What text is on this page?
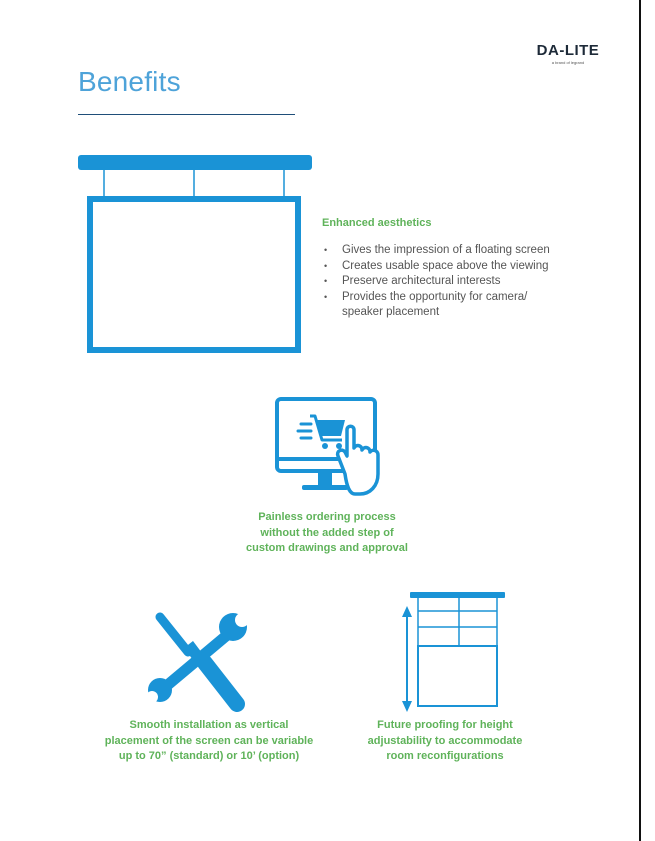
DA-LITE
a brand of legrand
Benefits
Enhanced aesthetics
• Gives the impression of a floating screen
• Creates usable space above the viewing
• Preserve architectural interests
• Provides the opportunity for camera/
speaker placement
Painless ordering process
without the added step of
custom drawings and approval
Smooth installation as vertical
placement of the screen can be variable
up to 70” (standard) or 10’ (option)
Future proofing for height
adjustability to accommodate
room reconfigurations
